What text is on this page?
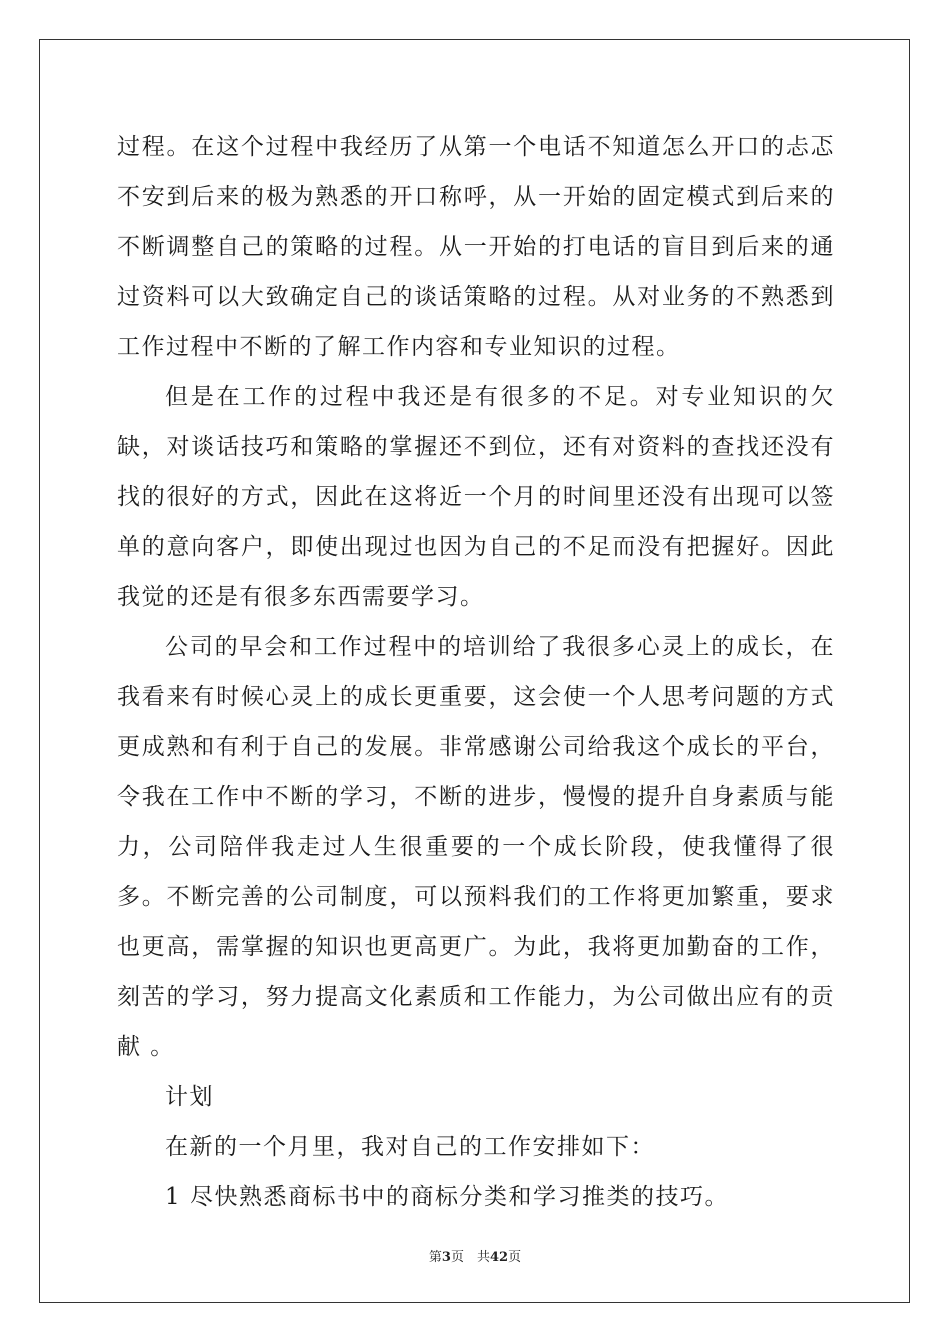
过程。在这个过程中我经历了从第一个电话不知道怎么开口的忐忑不安到后来的极为熟悉的开口称呼，从一开始的固定模式到后来的不断调整自己的策略的过程。从一开始的打电话的盲目到后来的通过资料可以大致确定自己的谈话策略的过程。从对业务的不熟悉到工作过程中不断的了解工作内容和专业知识的过程。

但是在工作的过程中我还是有很多的不足。对专业知识的欠缺，对谈话技巧和策略的掌握还不到位，还有对资料的查找还没有找的很好的方式，因此在这将近一个月的时间里还没有出现可以签单的意向客户，即使出现过也因为自己的不足而没有把握好。因此我觉的还是有很多东西需要学习。

公司的早会和工作过程中的培训给了我很多心灵上的成长，在我看来有时候心灵上的成长更重要，这会使一个人思考问题的方式更成熟和有利于自己的发展。非常感谢公司给我这个成长的平台，令我在工作中不断的学习，不断的进步，慢慢的提升自身素质与能力，公司陪伴我走过人生很重要的一个成长阶段，使我懂得了很多。不断完善的公司制度，可以预料我们的工作将更加繁重，要求也更高，需掌握的知识也更高更广。为此，我将更加勤奋的工作，刻苦的学习，努力提高文化素质和工作能力，为公司做出应有的贡献 。

计划

在新的一个月里，我对自己的工作安排如下：

1 尽快熟悉商标书中的商标分类和学习推类的技巧。

第3页　共42页
